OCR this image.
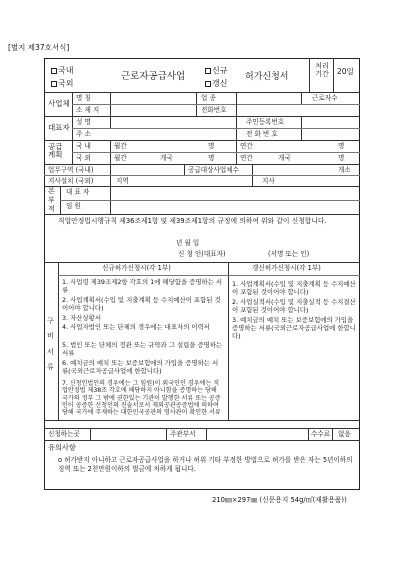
[별지 제37호서식]
국내
국외
근로자공급사업
신규
갱신
허가신청서
처리
기간	20일
사업체
명 칭	업 종	근로자수
소 재 지	전화번호
대표자
성 명	주민등록번호
주 소	전 화 번 호
공급
계획
국 내	월간	명	연간	명
국 외	월간	개국	명	연간	개국	명
업무구역 (국내)	공급대상사업체수	개소
지사설치 (국외)	지역	지사
본
부
적
대 표 자
임 원
직업안정법시행규칙 제36조제1항 및 제39조제1항의 규정에 의하여 위와 같이 신청합니다.
년 월 일
신 청 인(대표자)	(서명 또는 인)
구

비

서

류
신규허가신청시(각 1부)	갱신허가신청시(각 1부)
1. 사업령 제39조제2항 각호의 1에 해당함을 증명하는 서류
2. 사업계획서(수입 및 지출계획 등 수지예산이 포함된 것이어야 합니다)
3. 자산상황서
4. 사업자법인 또는 단체의 경우에는 대표자의 이력서
5. 법인 또는 단체의 정관 또는 규약과 그 설립을 증명하는 서류
6. 예치금의 예치 또는 보증보험에의 가입을 증명하는 서류(국외근로자공급사업에 한합니다)
7. 신청인법인의 경우에는 그 임원)이 외국인인 경우에는 직업안정법 제38조 각호에 해당하지 아니함을 증명하는 당해 국가의 정부 그 밖에 권한있는 기관이 발행한 서류 또는 공증인이 공증한 신청인의 진술서로서 재외공관공증법에 의하여 당해 국가에 주재하는 대한민국공관의 영사관이 확인한 서류
1. 사업계획서(수입 및 지출계획 등 수지예산이 포함된 것이어야 합니다)
2. 사업실적서(수입 및 지출실적 등 수지결산이 포함된 것이어야 합니다)
3. 예치금의 예치 또는 보증보험에의 가입을 증명하는 서류(국외근로자공급사업에 한합니다)
신청하는곳	주관부서	수수료 없음
유의사항
o 허가받지 아니하고 근로자공급사업을 하거나 허위 기타 부정한 방법으로 허가를 받은 자는 5년이하의 징역 또는 2천만원이하의 벌금에 처하게 됩니다.
210㎜×297㎜ (신문용지 54g/㎡(재활용품))
